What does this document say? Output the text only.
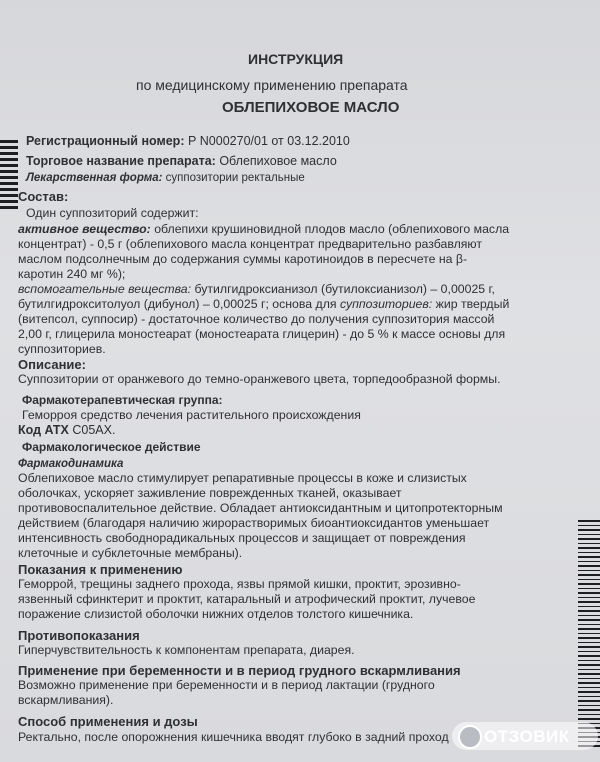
ИНСТРУКЦИЯ
по медицинскому применению препарата
ОБЛЕПИХОВОЕ МАСЛО
Регистрационный номер: Р N000270/01 от 03.12.2010
Торговое название препарата: Облепиховое масло
Лекарственная форма: суппозитории ректальные
Состав:
Один суппозиторий содержит:
активное вещество: облепихи крушиновидной плодов масло (облепихового масла
концентрат) - 0,5 г (облепихового масла концентрат предварительно разбавляют
маслом подсолнечным до содержания суммы каротиноидов в пересчете на β-
каротин 240 мг %);
вспомогательные вещества: бутилгидроксианизол (бутилоксианизол) – 0,00025 г,
бутилгидрокситолуол (дибунол) – 0,00025 г; основа для суппозиториев: жир твердый
(витепсол, суппосир) - достаточное количество до получения суппозитория массой
2,00 г, глицерила моностеарат (моностеарата глицерин) - до 5 % к массе основы для
суппозиториев.
Описание:
Суппозитории от оранжевого до темно-оранжевого цвета, торпедообразной формы.
Фармакотерапевтическая группа:
Геморроя средство лечения растительного происхождения
Код АТХ C05AX.
Фармакологическое действие
Фармакодинамика
Облепиховое масло стимулирует репаративные процессы в коже и слизистых
оболочках, ускоряет заживление поврежденных тканей, оказывает
противовоспалительное действие. Обладает антиоксидантным и цитопротекторным
действием (благодаря наличию жирорастворимых биоантиоксидантов уменьшает
интенсивность свободнорадикальных процессов и защищает от повреждения
клеточные и субклеточные мембраны).
Показания к применению
Геморрой, трещины заднего прохода, язвы прямой кишки, проктит, эрозивно-
язвенный сфинктерит и проктит, катаральный и атрофический проктит, лучевое
поражение слизистой оболочки нижних отделов толстого кишечника.
Противопоказания
Гиперчувствительность к компонентам препарата, диарея.
Применение при беременности и в период грудного вскармливания
Возможно применение при беременности и в период лактации (грудного
вскармливания).
Способ применения и дозы
Ректально, после опорожнения кишечника вводят глубоко в задний проход ОТЗОВИК
